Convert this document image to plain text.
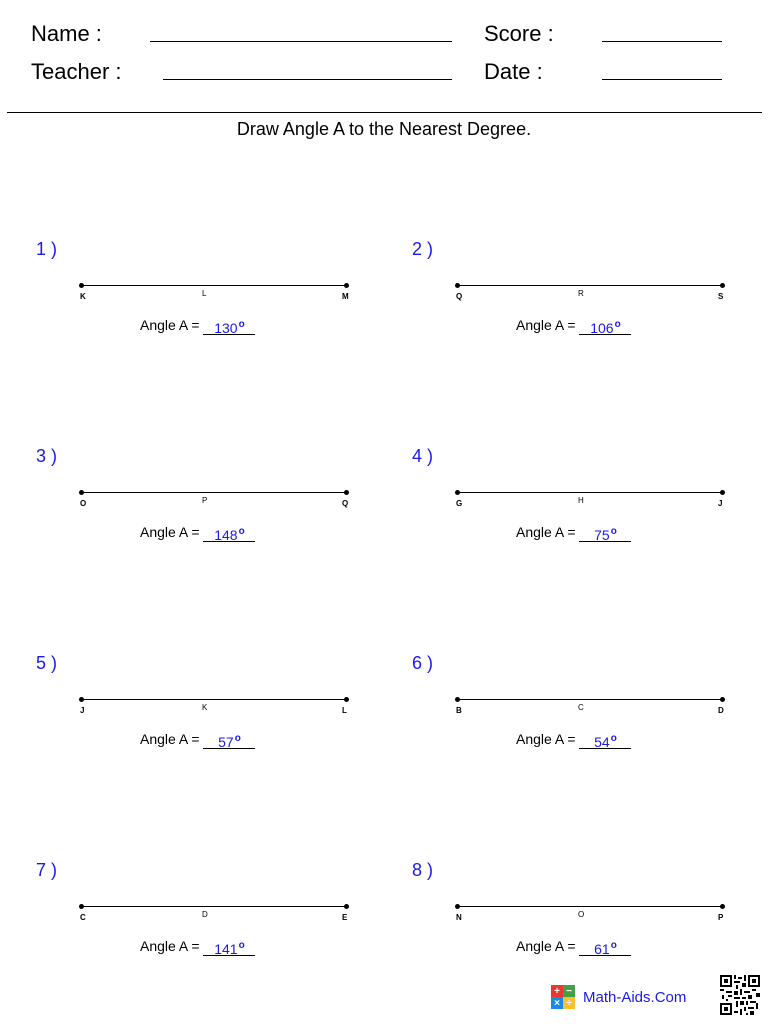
Name :
Teacher :
Score :
Date :
Draw Angle A to the Nearest Degree.
1 )
K	L	M
Angle $A = 130^o$
2 )
Q	R	S
Angle $A = 106^o$
3 )
O	P	Q
Angle $A = 148^o$
4 )
G	H	J
Angle $A = 75^o$
5 )
J	K	L
Angle $A = 57^o$
6 )
B	C	D
Angle $A = 54^o$
7 )
C	D	E
Angle $A = 141^o$
8 )
N	O	P
Angle $A = 61^o$
+ −
× ÷ Math-Aids.Com
